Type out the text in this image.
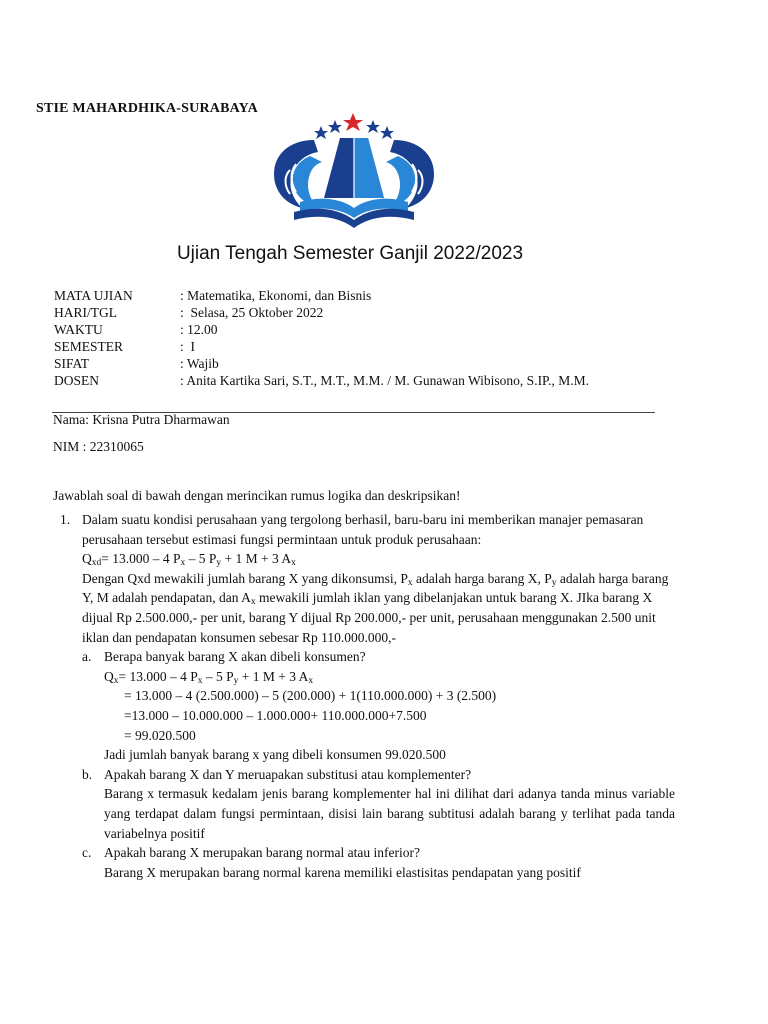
STIE MAHARDHIKA-SURABAYA
Ujian Tengah Semester Ganjil 2022/2023
MATA UJIAN	: Matematika, Ekonomi, dan Bisnis
HARI/TGL	:  Selasa, 25 Oktober 2022
WAKTU	: 12.00
SEMESTER	:  I
SIFAT	: Wajib
DOSEN	: Anita Kartika Sari, S.T., M.T., M.M. / M. Gunawan Wibisono, S.IP., M.M.
Nama: Krisna Putra Dharmawan
NIM : 22310065
Jawablah soal di bawah dengan merincikan rumus logika dan deskripsikan!
1. Dalam suatu kondisi perusahaan yang tergolong berhasil, baru-baru ini memberikan manajer pemasaran perusahaan tersebut estimasi fungsi permintaan untuk produk perusahaan:
$Q_{xd}= 13.000 - 4$ $P_x - 5$ $P_y + 1$ M + 3 $A_x$
Dengan Qxd mewakili jumlah barang X yang dikonsumsi, $P_x$ adalah harga barang X, $P_y$ adalah harga barang Y, M adalah pendapatan, dan $A_x$ mewakili jumlah iklan yang dibelanjakan untuk barang X. JIka barang X dijual Rp 2.500.000,- per unit, barang Y dijual Rp 200.000,- per unit, perusahaan menggunakan 2.500 unit iklan dan pendapatan konsumen sebesar Rp 110.000.000,-
a. Berapa banyak barang X akan dibeli konsumen?
$Q_x= 13.000 - 4$ $P_x - 5$ $P_y + 1$ M + 3 $A_x$
= 13.000 – 4 (2.500.000) – 5 (200.000) + 1(110.000.000) + 3 (2.500)
=13.000 – 10.000.000 – 1.000.000+ 110.000.000+7.500
= 99.020.500
Jadi jumlah banyak barang x yang dibeli konsumen 99.020.500
b. Apakah barang X dan Y meruapakan substitusi atau komplementer?
Barang x termasuk kedalam jenis barang komplementer hal ini dilihat dari adanya tanda minus variable yang terdapat dalam fungsi permintaan, disisi lain barang subtitusi adalah barang y terlihat pada tanda variabelnya positif
c. Apakah barang X merupakan barang normal atau inferior?
Barang X merupakan barang normal karena memiliki elastisitas pendapatan yang positif
